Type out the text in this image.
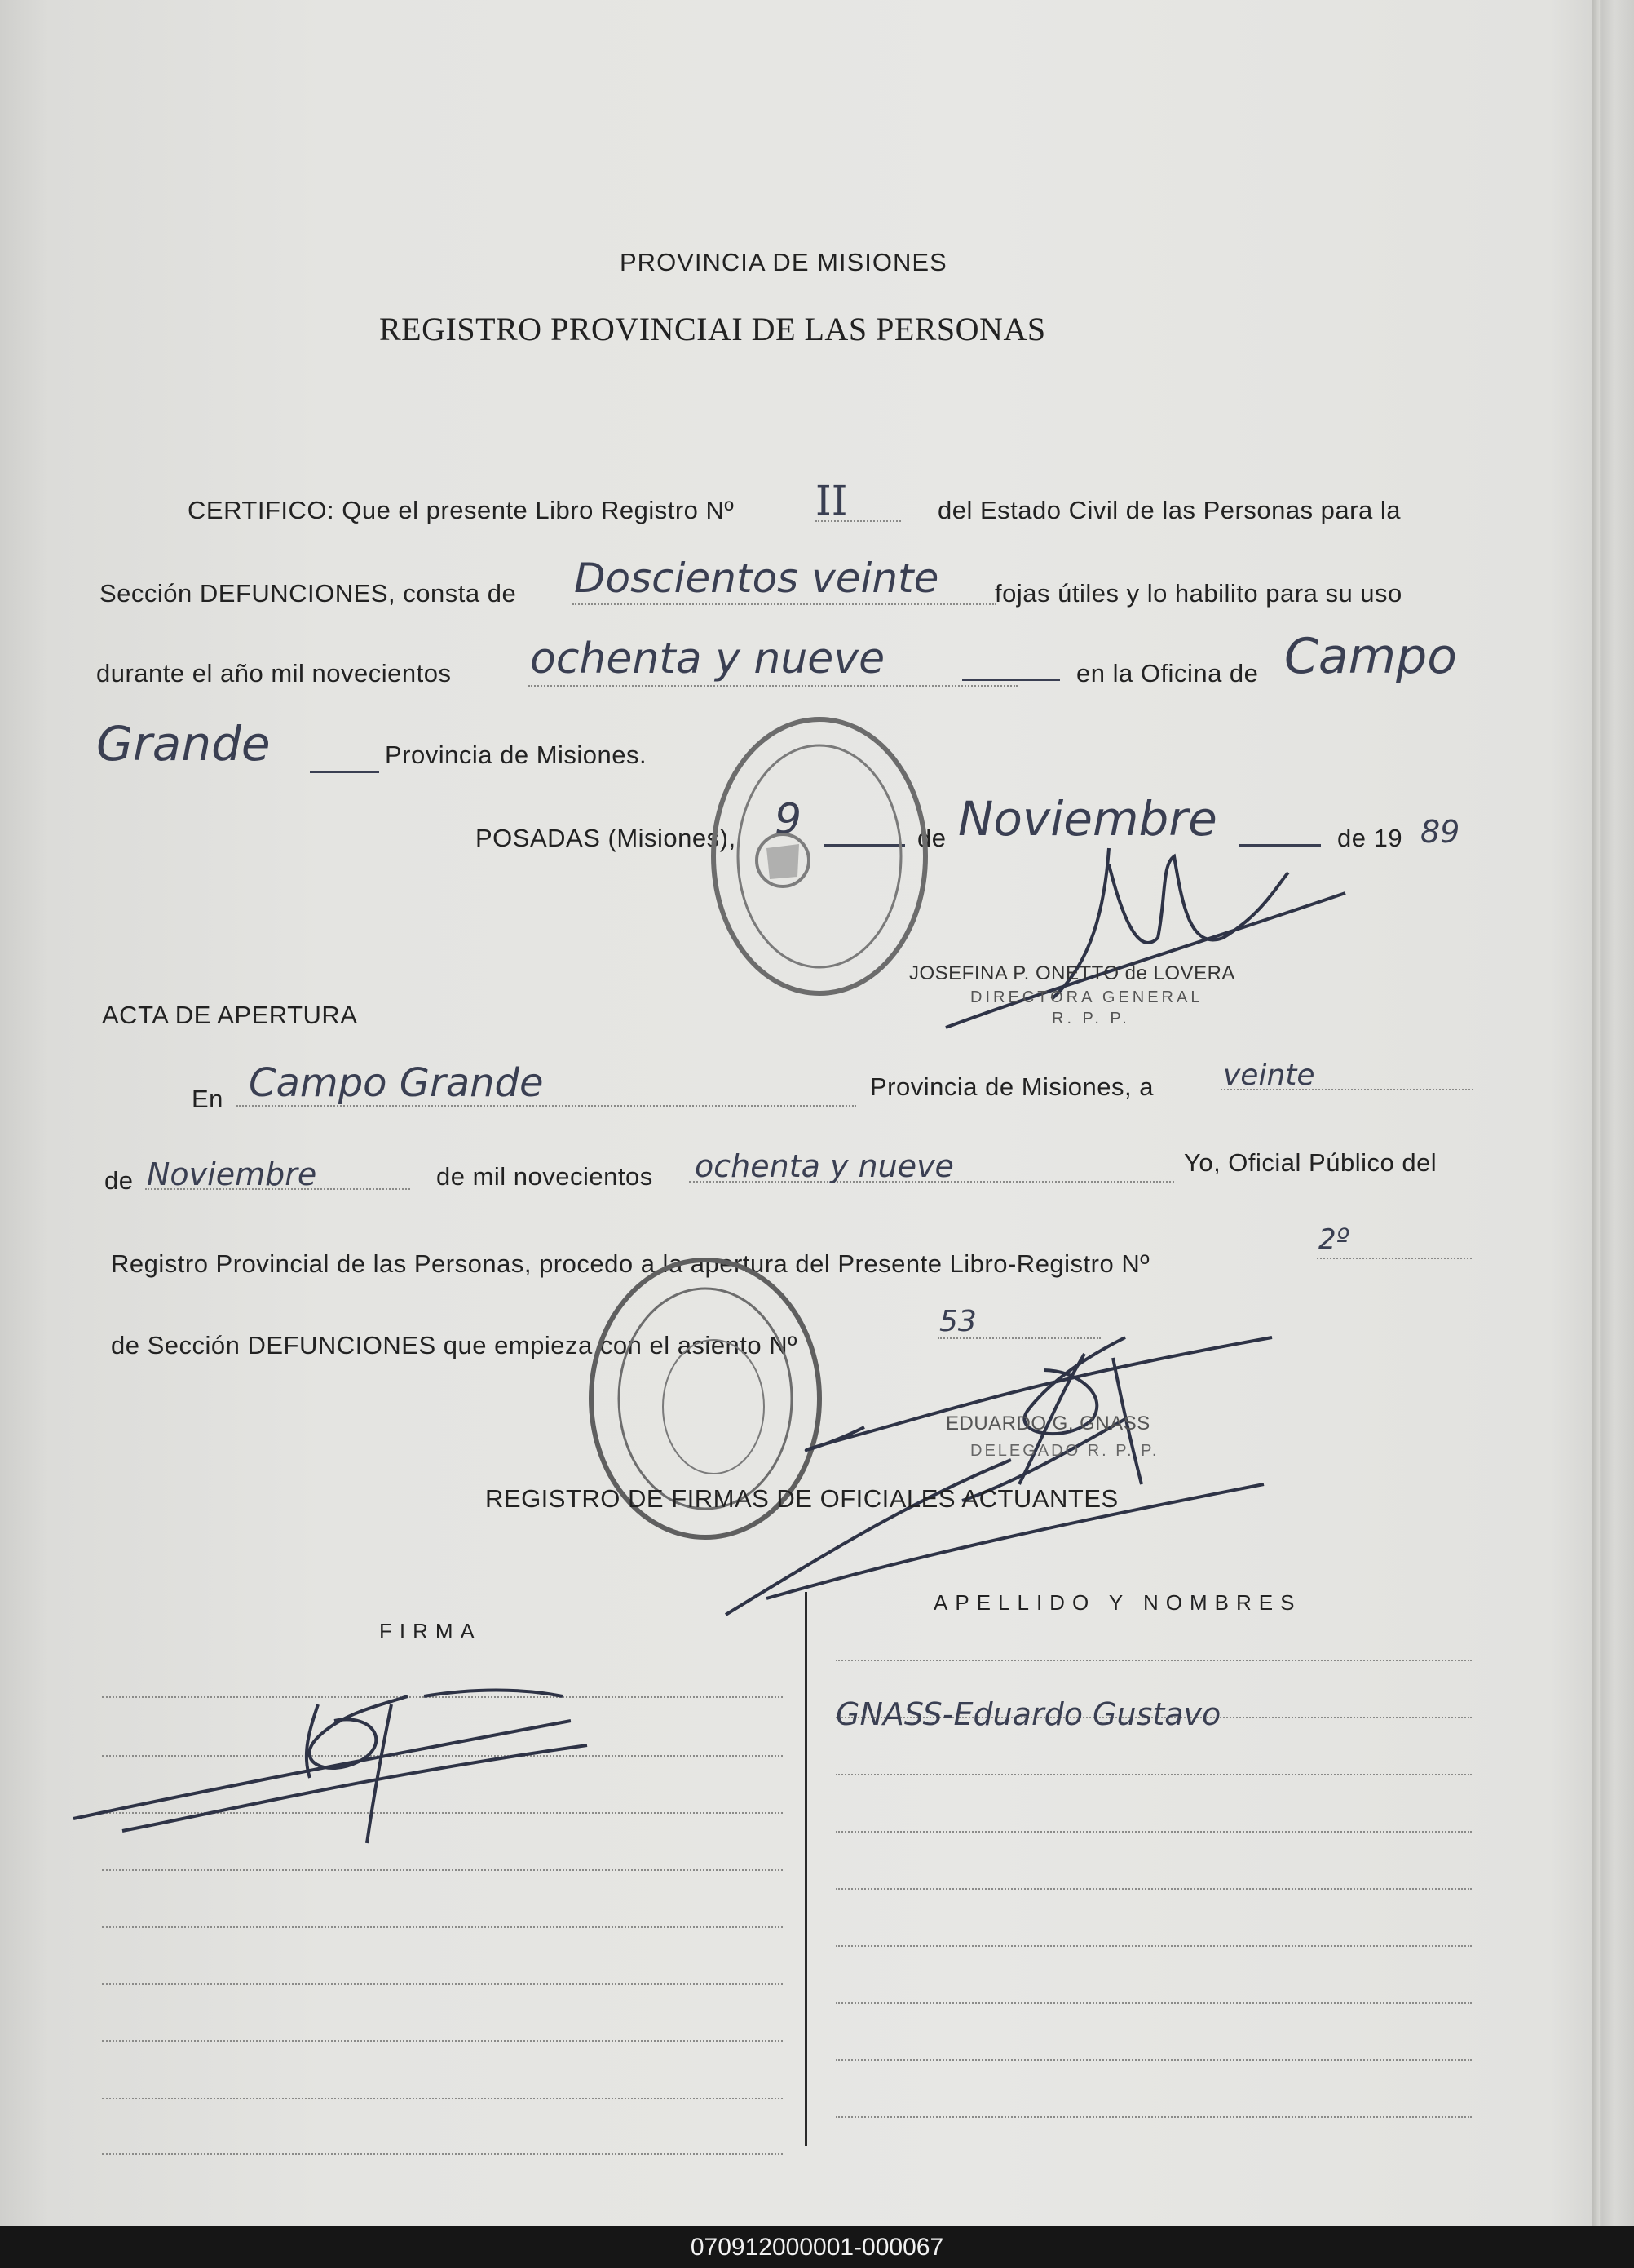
PROVINCIA DE MISIONES
REGISTRO PROVINCIAI DE LAS PERSONAS
CERTIFICO: Que el presente Libro Registro Nº II	del Estado Civil de las Personas para la
Sección DEFUNCIONES, consta de Doscientos veinte fojas útiles y lo habilito para su uso
durante el año mil novecientos ochenta y nueve	en la Oficina de Campo
Grande	Provincia de Misiones.
POSADAS (Misiones), 9	de Noviembre	de 19 89
JOSEFINA P. ONETTO de LOVERA
DIRECTORA GENERAL
R. P. P.
ACTA DE APERTURA
En Campo Grande	Provincia de Misiones, a veinte
de Noviembre	de mil novecientos ochenta y nueve	Yo, Oficial Público del
Registro Provincial de las Personas, procedo a la apertura del Presente Libro-Registro Nº
2º
de Sección DEFUNCIONES que empieza con el asiento Nº
53
EDUARDO G. GNASS
DELEGADO R. P. P.
REGISTRO DE FIRMAS DE OFICIALES ACTUANTES
FIRMA
APELLIDO Y NOMBRES
GNASS-Eduardo Gustavo
070912000001-000067
